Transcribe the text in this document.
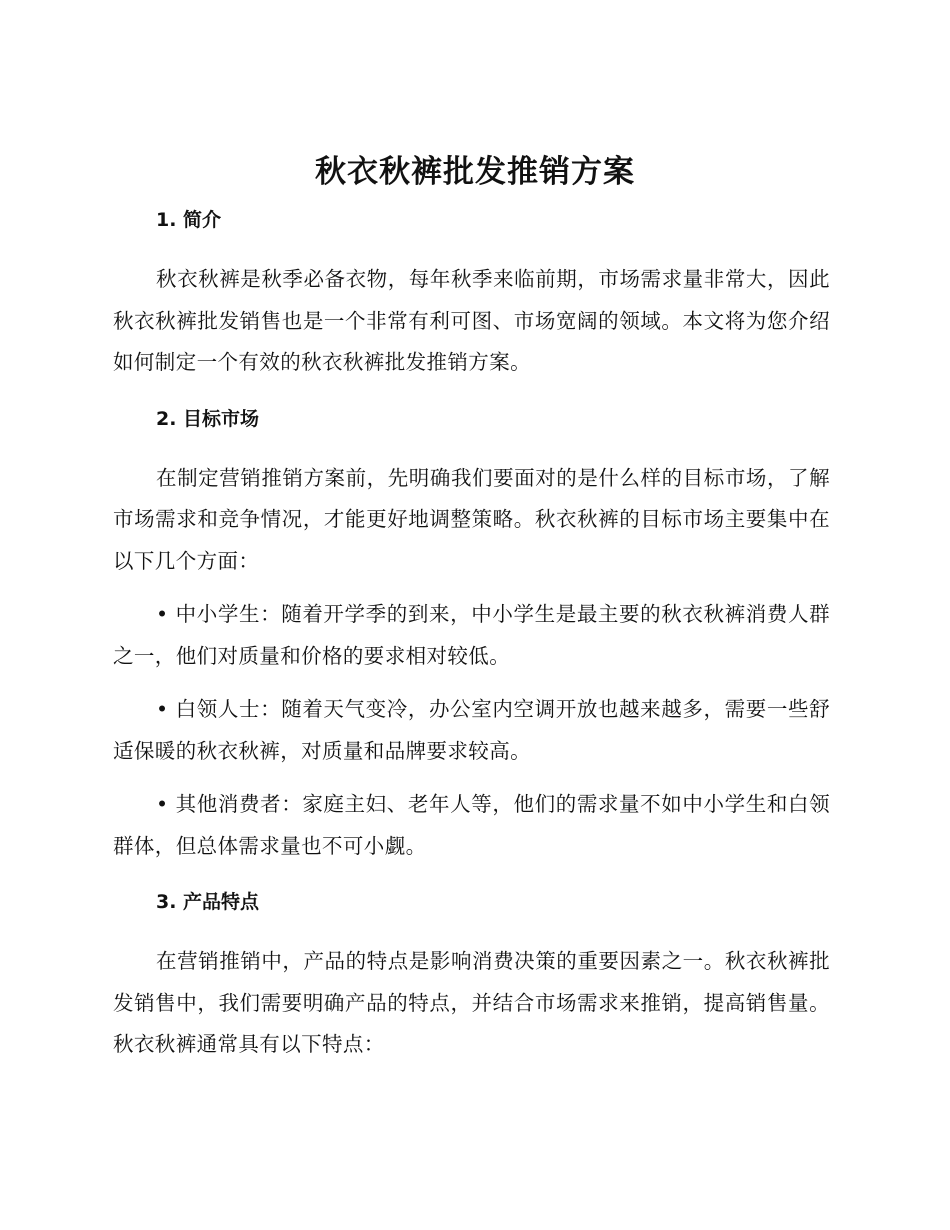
秋衣秋裤批发推销方案
1. 简介

秋衣秋裤是秋季必备衣物，每年秋季来临前期，市场需求量非常大，因此秋衣秋裤批发销售也是一个非常有利可图、市场宽阔的领域。本文将为您介绍如何制定一个有效的秋衣秋裤批发推销方案。

2. 目标市场

在制定营销推销方案前，先明确我们要面对的是什么样的目标市场，了解市场需求和竞争情况，才能更好地调整策略。秋衣秋裤的目标市场主要集中在以下几个方面：

• 中小学生：随着开学季的到来，中小学生是最主要的秋衣秋裤消费人群之一，他们对质量和价格的要求相对较低。

• 白领人士：随着天气变冷，办公室内空调开放也越来越多，需要一些舒适保暖的秋衣秋裤，对质量和品牌要求较高。

• 其他消费者：家庭主妇、老年人等，他们的需求量不如中小学生和白领群体，但总体需求量也不可小觑。

3. 产品特点

在营销推销中，产品的特点是影响消费决策的重要因素之一。秋衣秋裤批发销售中，我们需要明确产品的特点，并结合市场需求来推销，提高销售量。秋衣秋裤通常具有以下特点：
